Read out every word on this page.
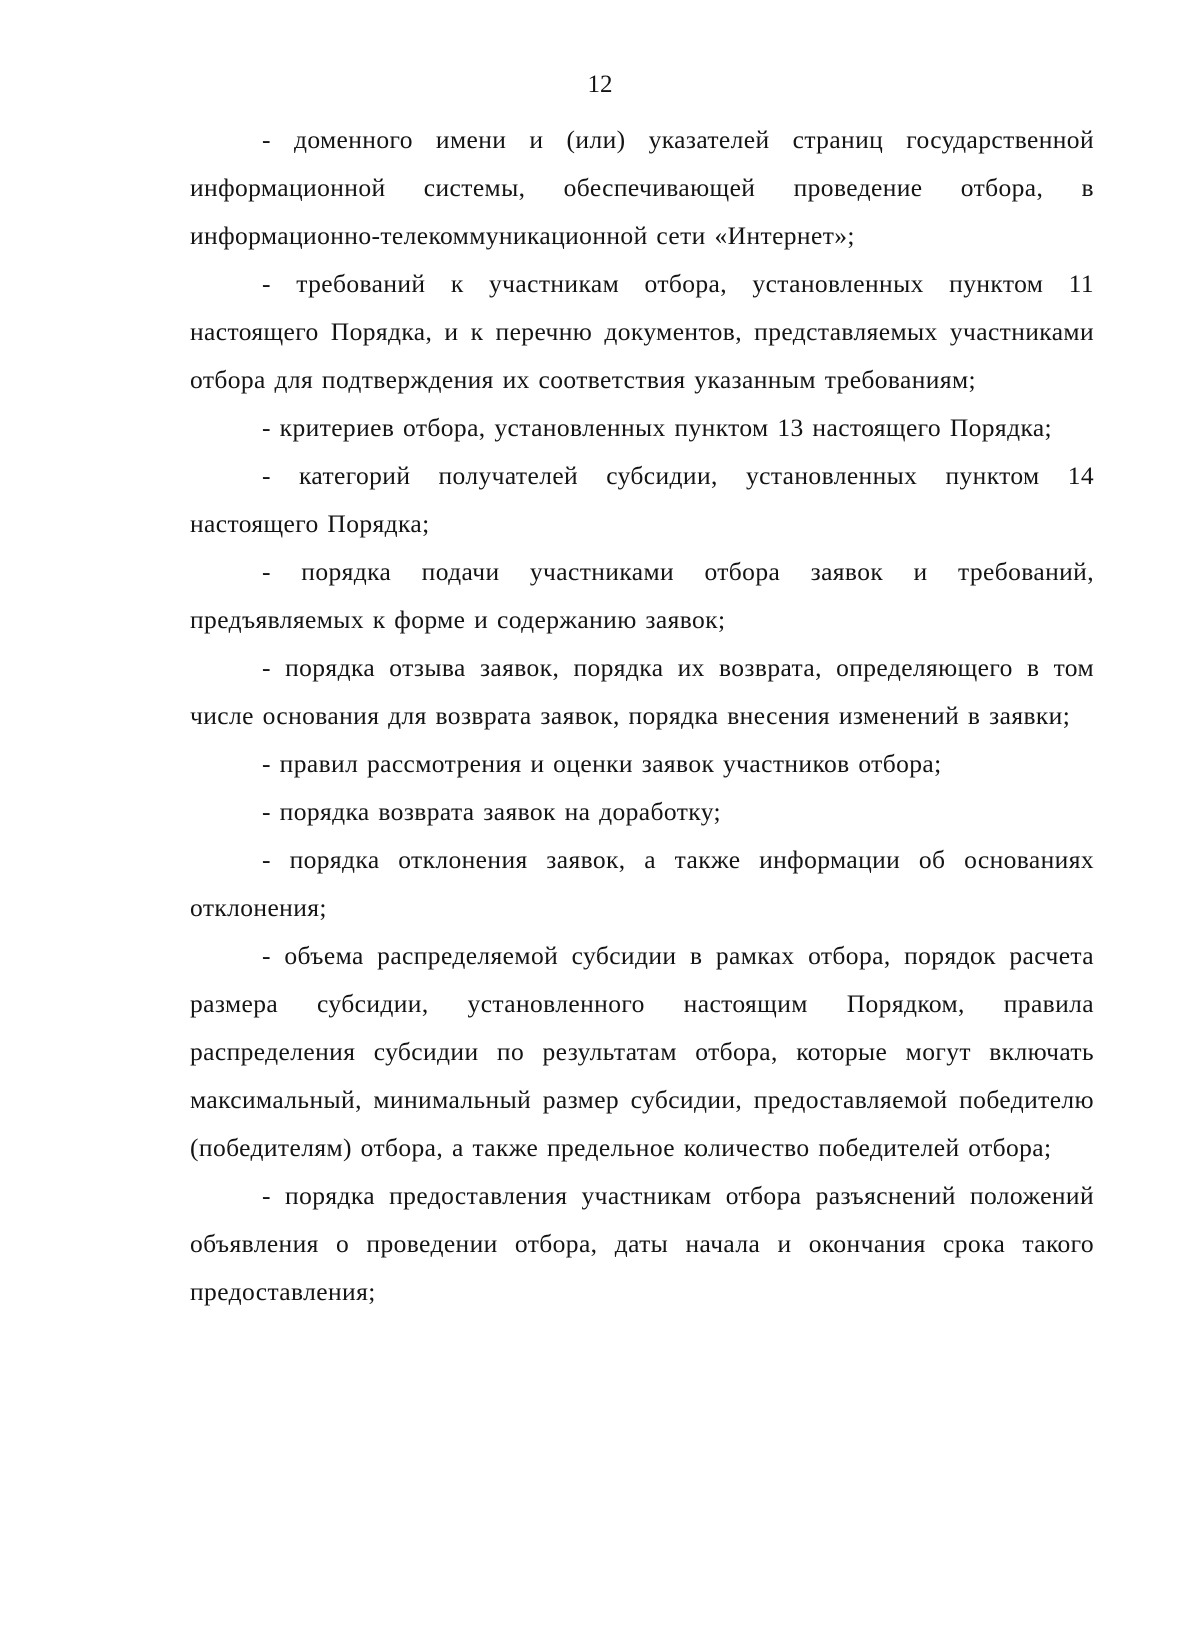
12

- доменного имени и (или) указателей страниц государственной информационной системы, обеспечивающей проведение отбора, в информационно-телекоммуникационной сети «Интернет»;

- требований к участникам отбора, установленных пунктом 11 настоящего Порядка, и к перечню документов, представляемых участниками отбора для подтверждения их соответствия указанным требованиям;

- критериев отбора, установленных пунктом 13 настоящего Порядка;

- категорий получателей субсидии, установленных пунктом 14 настоящего Порядка;

- порядка подачи участниками отбора заявок и требований, предъявляемых к форме и содержанию заявок;

- порядка отзыва заявок, порядка их возврата, определяющего в том числе основания для возврата заявок, порядка внесения изменений в заявки;

- правил рассмотрения и оценки заявок участников отбора;

- порядка возврата заявок на доработку;

- порядка отклонения заявок, а также информации об основаниях отклонения;

- объема распределяемой субсидии в рамках отбора, порядок расчета размера субсидии, установленного настоящим Порядком, правила распределения субсидии по результатам отбора, которые могут включать максимальный, минимальный размер субсидии, предоставляемой победителю (победителям) отбора, а также предельное количество победителей отбора;

- порядка предоставления участникам отбора разъяснений положений объявления о проведении отбора, даты начала и окончания срока такого предоставления;
